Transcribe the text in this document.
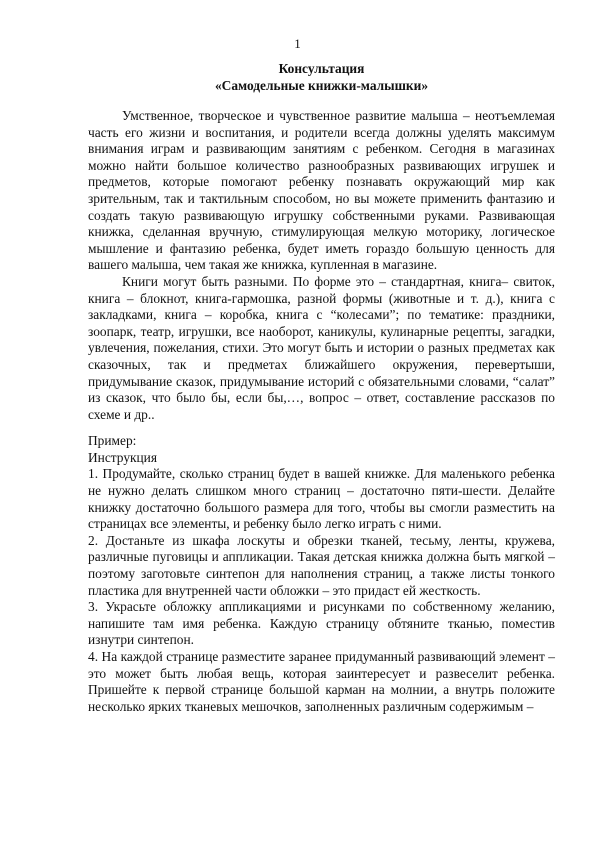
1

Консультация

«Самодельные книжки-малышки»

Умственное, творческое и чувственное развитие малыша – неотъемлемая часть его жизни и воспитания, и родители всегда должны уделять максимум внимания играм и развивающим занятиям с ребенком. Сегодня в магазинах можно найти большое количество разнообразных развивающих игрушек и предметов, которые помогают ребенку познавать окружающий мир как зрительным, так и тактильным способом, но вы можете применить фантазию и создать такую развивающую игрушку собственными руками. Развивающая книжка, сделанная вручную, стимулирующая мелкую моторику, логическое мышление и фантазию ребенка, будет иметь гораздо большую ценность для вашего малыша, чем такая же книжка, купленная в магазине.

Книги могут быть разными. По форме это – стандартная, книга– свиток, книга – блокнот, книга-гармошка, разной формы (животные и т. д.), книга с закладками, книга – коробка, книга с “колесами”; по тематике: праздники, зоопарк, театр, игрушки, все наоборот, каникулы, кулинарные рецепты, загадки, увлечения, пожелания, стихи. Это могут быть и истории о разных предметах как сказочных, так и предметах ближайшего окружения, перевертыши, придумывание сказок, придумывание историй с обязательными словами, “салат” из сказок, что было бы, если бы,…, вопрос – ответ, составление рассказов по схеме и др..

Пример:

Инструкция

1. Продумайте, сколько страниц будет в вашей книжке. Для маленького ребенка не нужно делать слишком много страниц – достаточно пяти-шести. Делайте книжку достаточно большого размера для того, чтобы вы смогли разместить на страницах все элементы, и ребенку было легко играть с ними.

2. Достаньте из шкафа лоскуты и обрезки тканей, тесьму, ленты, кружева, различные пуговицы и аппликации. Такая детская книжка должна быть мягкой – поэтому заготовьте синтепон для наполнения страниц, а также листы тонкого пластика для внутренней части обложки – это придаст ей жесткость.

3. Украсьте обложку аппликациями и рисунками по собственному желанию, напишите там имя ребенка. Каждую страницу обтяните тканью, поместив изнутри синтепон.

4. На каждой странице разместите заранее придуманный развивающий элемент – это может быть любая вещь, которая заинтересует и развеселит ребенка. Пришейте к первой странице большой карман на молнии, а внутрь положите несколько ярких тканевых мешочков, заполненных различным содержимым –
